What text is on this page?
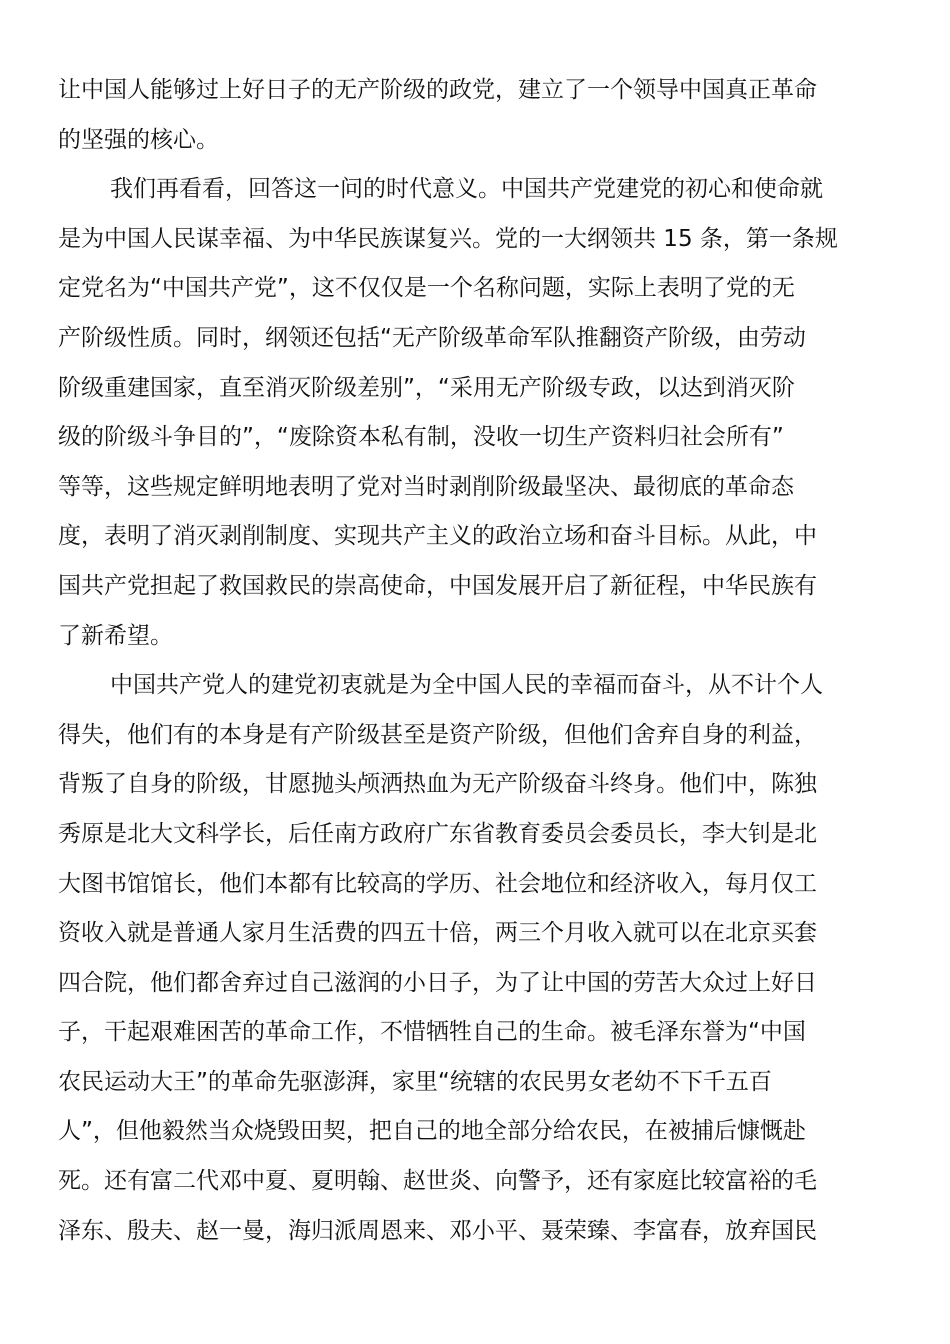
让中国人能够过上好日子的无产阶级的政党，建立了一个领导中国真正革命
的坚强的核心。
我们再看看，回答这一问的时代意义。中国共产党建党的初心和使命就
是为中国人民谋幸福、为中华民族谋复兴。党的一大纲领共 15 条，第一条规
定党名为“中国共产党”，这不仅仅是一个名称问题，实际上表明了党的无
产阶级性质。同时，纲领还包括“无产阶级革命军队推翻资产阶级，由劳动
阶级重建国家，直至消灭阶级差别”，“采用无产阶级专政，以达到消灭阶
级的阶级斗争目的”，“废除资本私有制，没收一切生产资料归社会所有”
等等，这些规定鲜明地表明了党对当时剥削阶级最坚决、最彻底的革命态
度，表明了消灭剥削制度、实现共产主义的政治立场和奋斗目标。从此，中
国共产党担起了救国救民的崇高使命，中国发展开启了新征程，中华民族有
了新希望。
中国共产党人的建党初衷就是为全中国人民的幸福而奋斗，从不计个人
得失，他们有的本身是有产阶级甚至是资产阶级，但他们舍弃自身的利益，
背叛了自身的阶级，甘愿抛头颅洒热血为无产阶级奋斗终身。他们中，陈独
秀原是北大文科学长，后任南方政府广东省教育委员会委员长，李大钊是北
大图书馆馆长，他们本都有比较高的学历、社会地位和经济收入，每月仅工
资收入就是普通人家月生活费的四五十倍，两三个月收入就可以在北京买套
四合院，他们都舍弃过自己滋润的小日子，为了让中国的劳苦大众过上好日
子，干起艰难困苦的革命工作，不惜牺牲自己的生命。被毛泽东誉为“中国
农民运动大王”的革命先驱澎湃，家里“统辖的农民男女老幼不下千五百
人”，但他毅然当众烧毁田契，把自己的地全部分给农民，在被捕后慷慨赴
死。还有富二代邓中夏、夏明翰、赵世炎、向警予，还有家庭比较富裕的毛
泽东、殷夫、赵一曼，海归派周恩来、邓小平、聂荣臻、李富春，放弃国民
